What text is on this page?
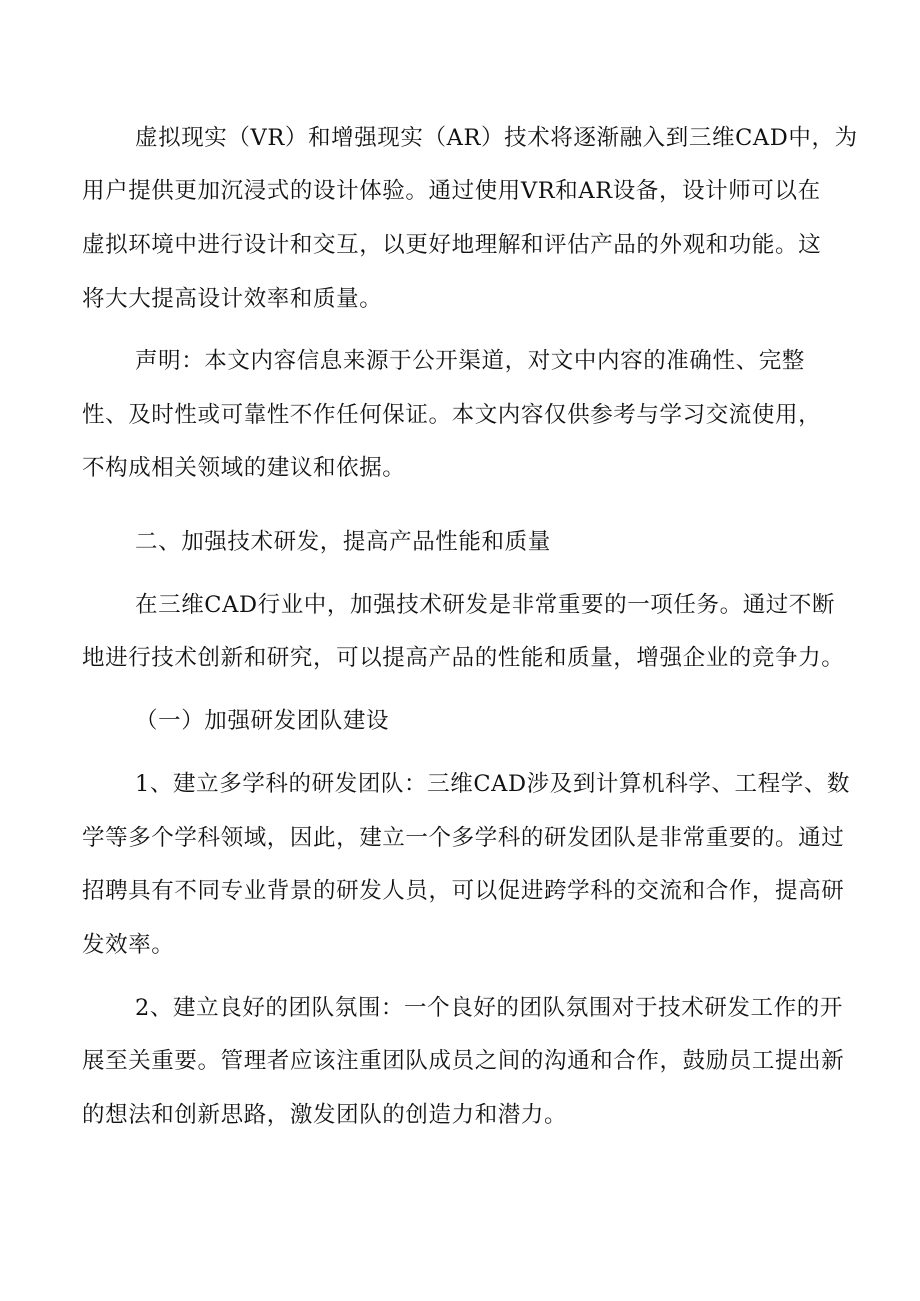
虚拟现实（VR）和增强现实（AR）技术将逐渐融入到三维CAD中，为
用户提供更加沉浸式的设计体验。通过使用VR和AR设备，设计师可以在
虚拟环境中进行设计和交互，以更好地理解和评估产品的外观和功能。这
将大大提高设计效率和质量。
声明：本文内容信息来源于公开渠道，对文中内容的准确性、完整
性、及时性或可靠性不作任何保证。本文内容仅供参考与学习交流使用，
不构成相关领域的建议和依据。
二、加强技术研发，提高产品性能和质量
在三维CAD行业中，加强技术研发是非常重要的一项任务。通过不断
地进行技术创新和研究，可以提高产品的性能和质量，增强企业的竞争力。
（一）加强研发团队建设
1、建立多学科的研发团队：三维CAD涉及到计算机科学、工程学、数
学等多个学科领域，因此，建立一个多学科的研发团队是非常重要的。通过
招聘具有不同专业背景的研发人员，可以促进跨学科的交流和合作，提高研
发效率。
2、建立良好的团队氛围：一个良好的团队氛围对于技术研发工作的开
展至关重要。管理者应该注重团队成员之间的沟通和合作，鼓励员工提出新
的想法和创新思路，激发团队的创造力和潜力。
